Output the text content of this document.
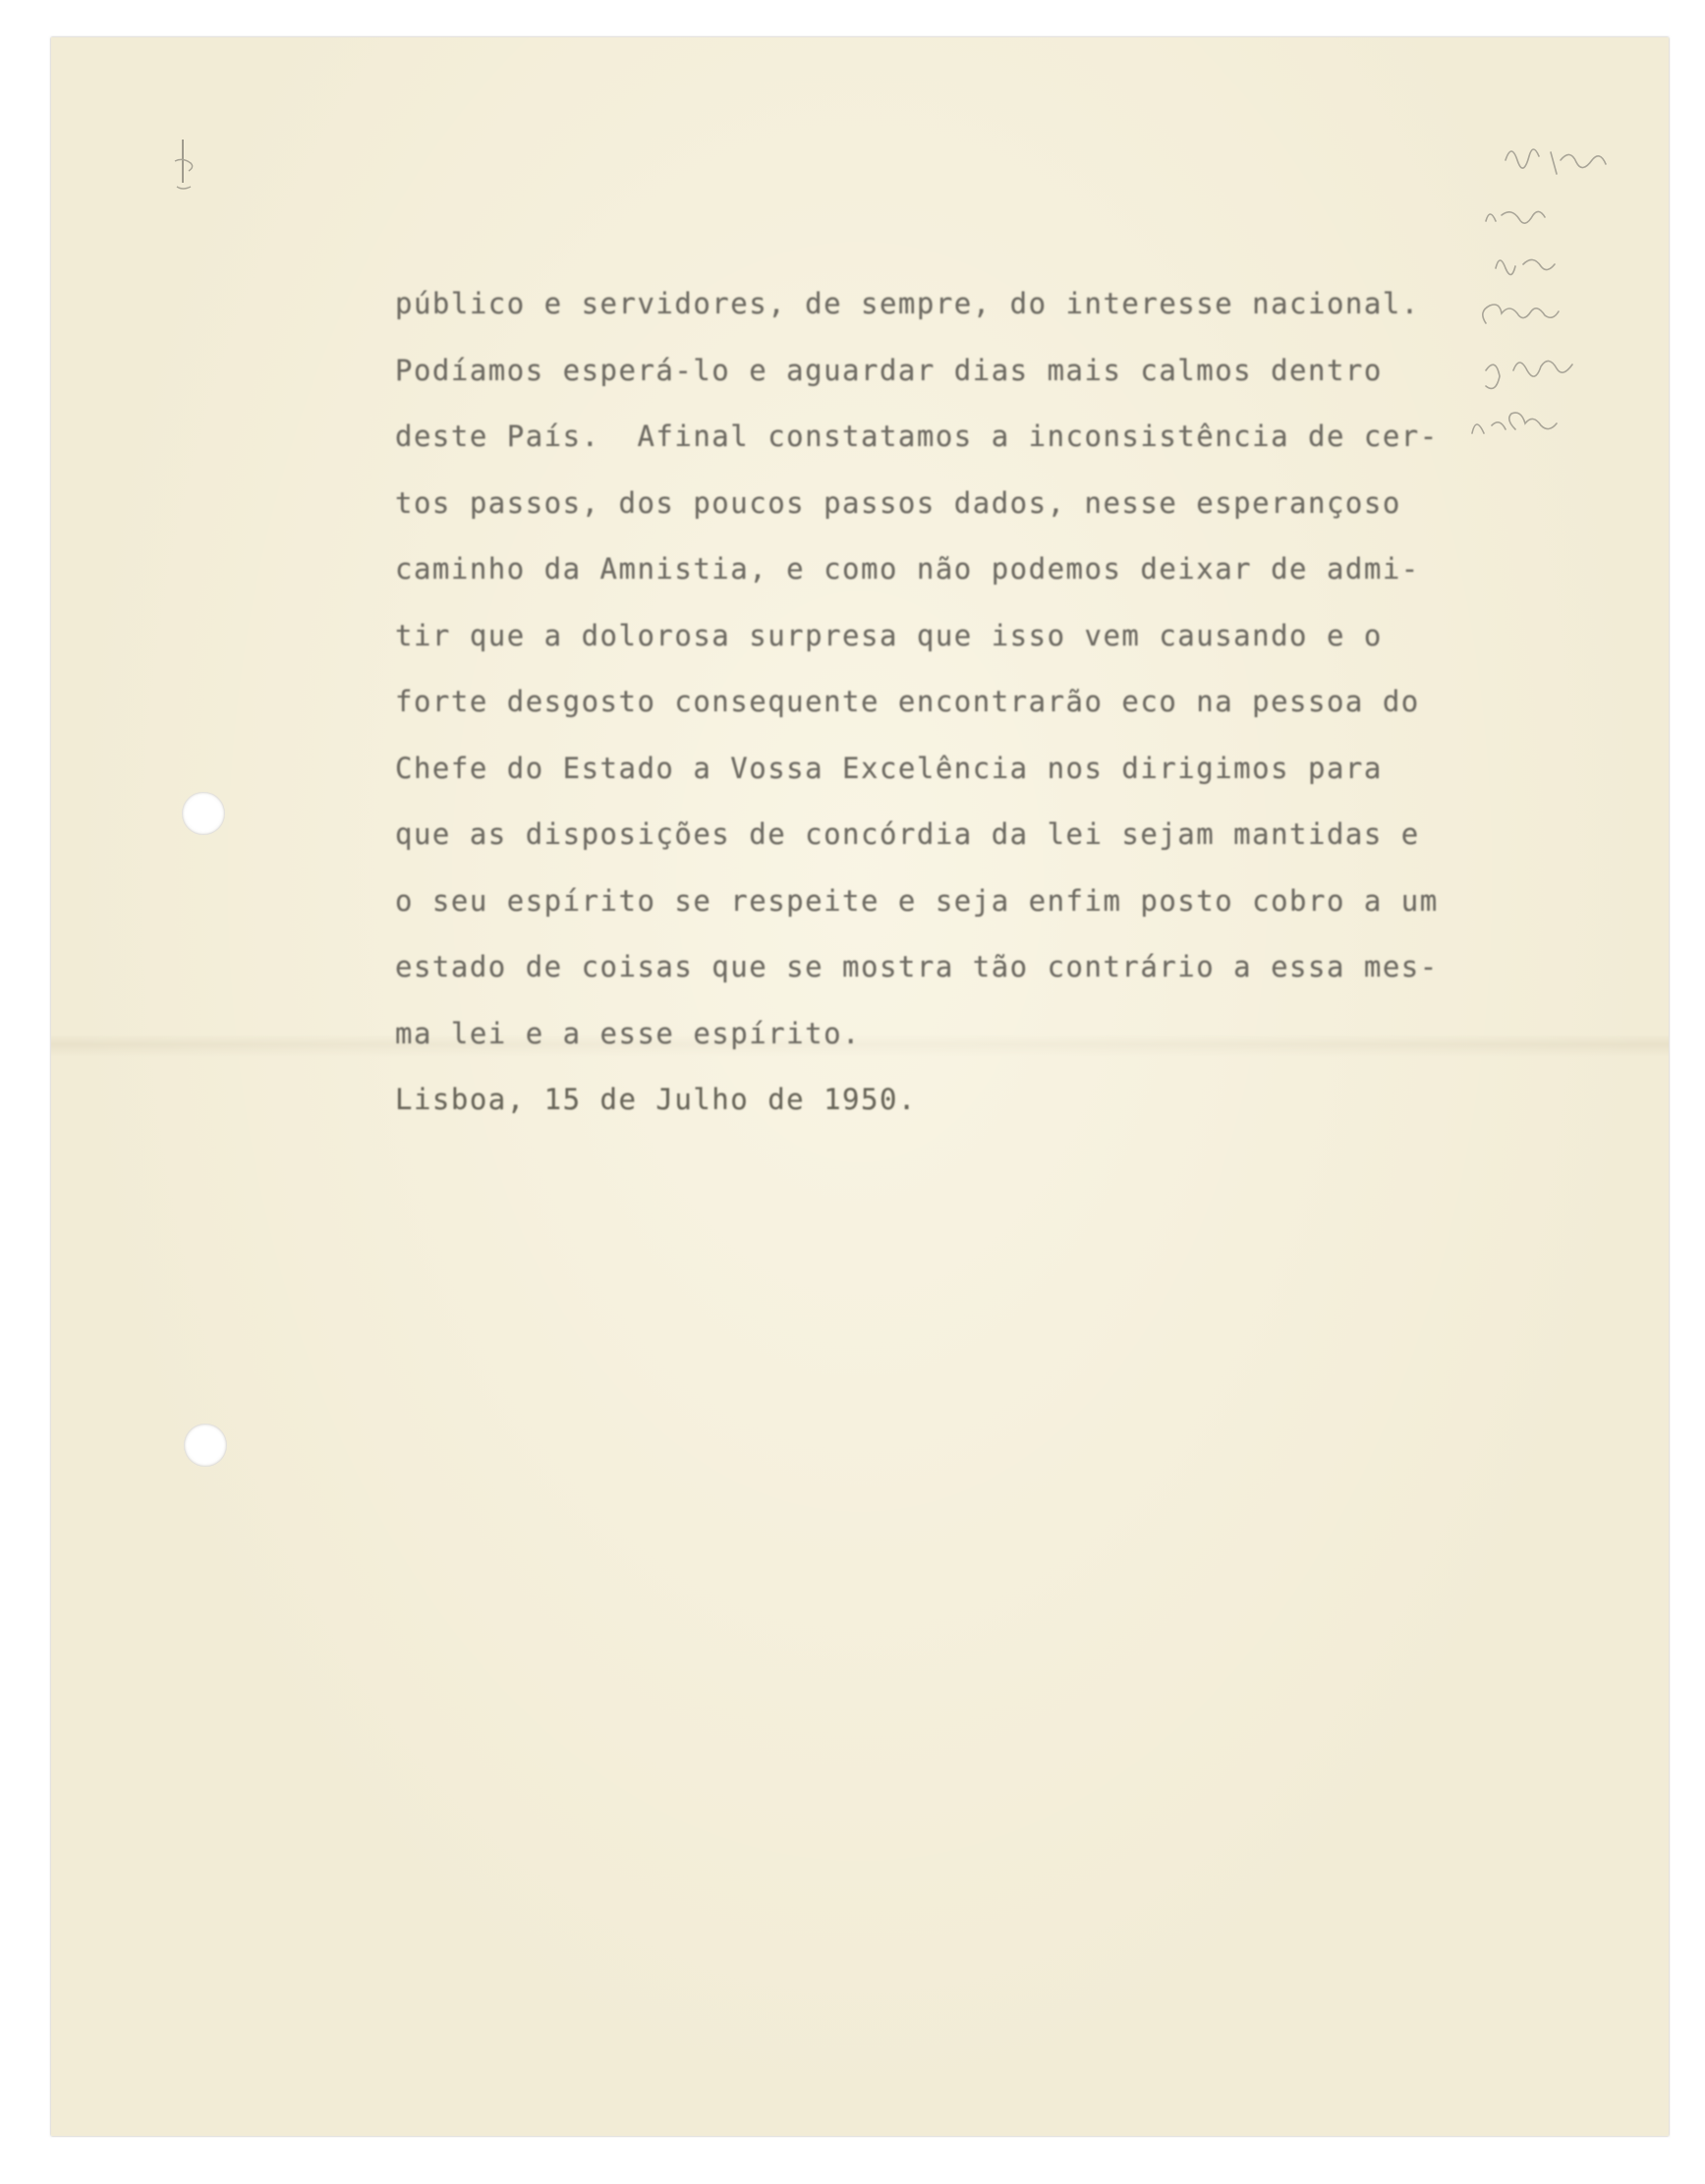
público e servidores, de sempre, do interesse nacional.
Podíamos esperá-lo e aguardar dias mais calmos dentro
deste País.  Afinal constatamos a inconsistência de cer-
tos passos, dos poucos passos dados, nesse esperançoso
caminho da Amnistia, e como não podemos deixar de admi-
tir que a dolorosa surpresa que isso vem causando e o
forte desgosto consequente encontrarão eco na pessoa do
Chefe do Estado a Vossa Excelência nos dirigimos para
que as disposições de concórdia da lei sejam mantidas e
o seu espírito se respeite e seja enfim posto cobro a um
estado de coisas que se mostra tão contrário a essa mes-
ma lei e a esse espírito.
Lisboa, 15 de Julho de 1950.
